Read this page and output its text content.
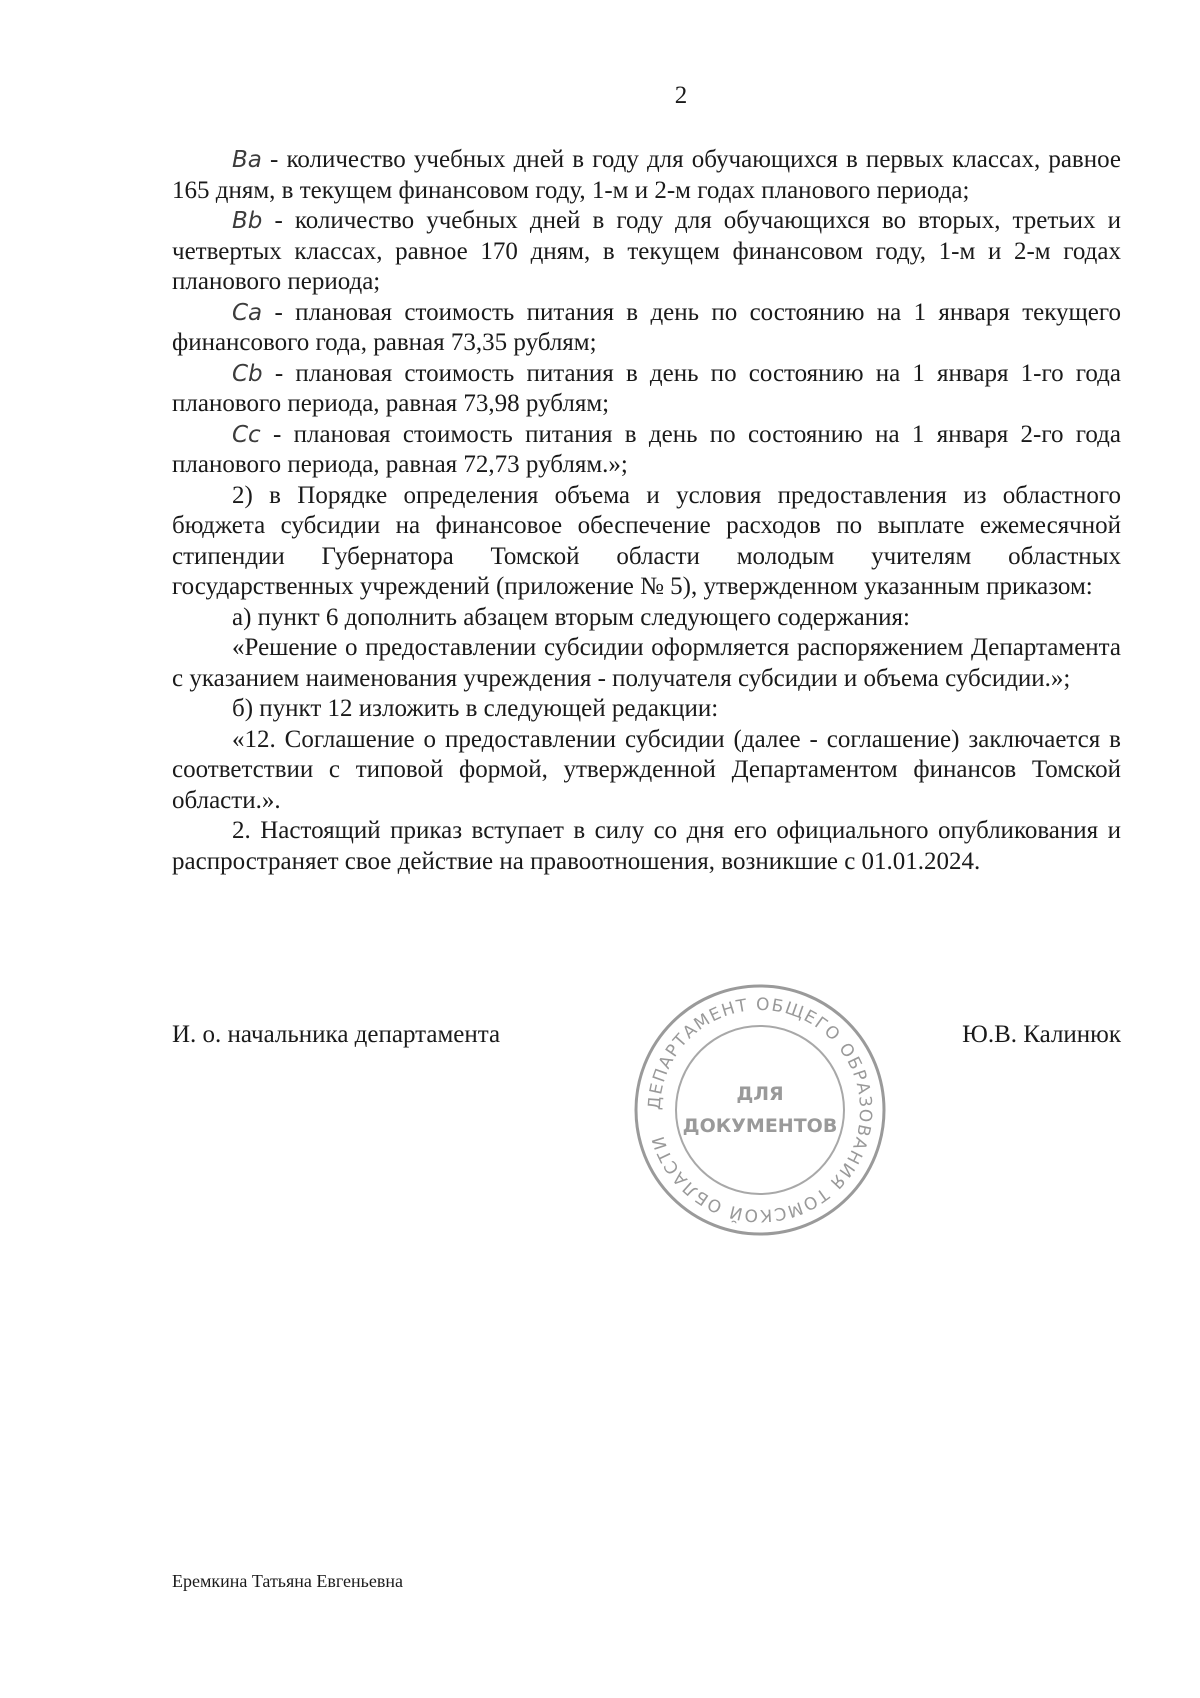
2

Ba - количество учебных дней в году для обучающихся в первых классах, равное 165 дням, в текущем финансовом году, 1-м и 2-м годах планового периода;

Bb - количество учебных дней в году для обучающихся во вторых, третьих и четвертых классах, равное 170 дням, в текущем финансовом году, 1-м и 2-м годах планового периода;

Ca - плановая стоимость питания в день по состоянию на 1 января текущего финансового года, равная 73,35 рублям;

Cb - плановая стоимость питания в день по состоянию на 1 января 1-го года планового периода, равная 73,98 рублям;

Cc - плановая стоимость питания в день по состоянию на 1 января 2-го года планового периода, равная 72,73 рублям.»;

2) в Порядке определения объема и условия предоставления из областного бюджета субсидии на финансовое обеспечение расходов по выплате ежемесячной стипендии Губернатора Томской области молодым учителям областных государственных учреждений (приложение № 5), утвержденном указанным приказом:

а) пункт 6 дополнить абзацем вторым следующего содержания:

«Решение о предоставлении субсидии оформляется распоряжением Департамента с указанием наименования учреждения - получателя субсидии и объема субсидии.»;

б) пункт 12 изложить в следующей редакции:

«12. Соглашение о предоставлении субсидии (далее - соглашение) заключается в соответствии с типовой формой, утвержденной Департаментом финансов Томской области.».

2. Настоящий приказ вступает в силу со дня его официального опубликования и распространяет свое действие на правоотношения, возникшие с 01.01.2024.

И. о. начальника департамента
ДЕПАРТАМЕНТ ОБЩЕГО ОБРАЗОВАНИЯ ТОМСКОЙ ОБЛАСТИ
ДЛЯ
ДОКУМЕНТОВ
Ю.В. Калинюк
Еремкина Татьяна Евгеньевна
